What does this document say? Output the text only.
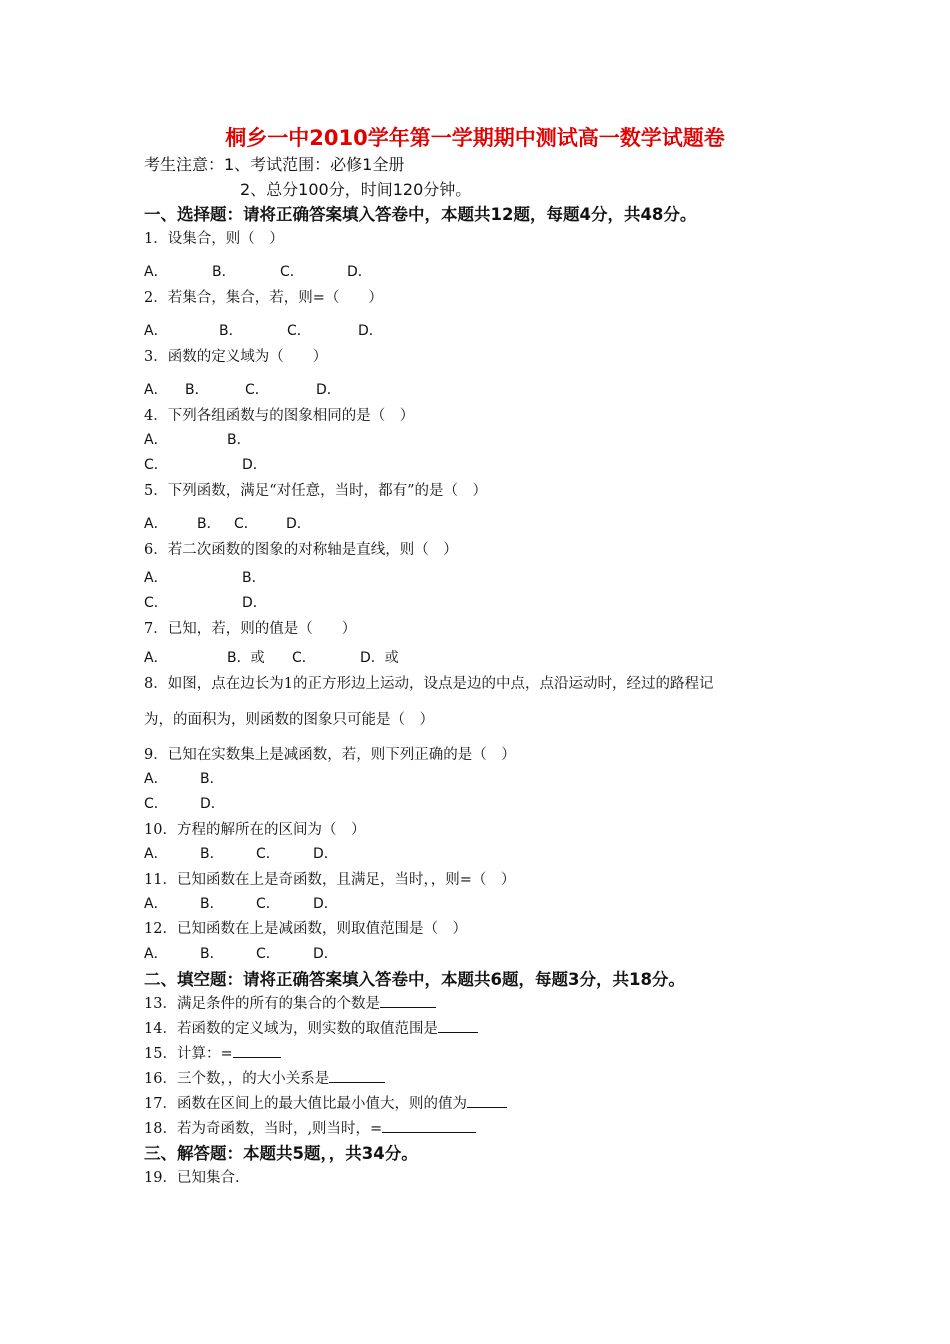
桐乡一中2010学年第一学期期中测试高一数学试题卷
考生注意：1、考试范围：必修1全册
2、总分100分，时间120分钟。
一、选择题：请将正确答案填入答卷中，本题共12题，每题4分，共48分。
1．设集合，则（　）
A．	B．	C．	D．
2．若集合，集合，若，则=（　　）
A．	B．	C．	D．
3．函数的定义域为（　　）
A． B．	C．	D．
4．下列各组函数与的图象相同的是（　）
A．	B．
C．	D．
5．下列函数，满足“对任意，当时，都有”的是（　）
A． B． C． D．
6．若二次函数的图象的对称轴是直线，则（　）
A．	B．
C．	D．
7．已知，若，则的值是（　　）
A．	B．或 C．	D．或
8．如图，点在边长为1的正方形边上运动，设点是边的中点，点沿运动时，经过的路程记
为，的面积为，则函数的图象只可能是（　）
9．已知在实数集上是减函数，若，则下列正确的是（　）
A． B．
C． D．
10．方程的解所在的区间为（　）
A． B． C． D．
11．已知函数在上是奇函数，且满足，当时，，则=（　）
A． B． C． D．
12．已知函数在上是减函数，则取值范围是（　）
A． B． C． D．
二、填空题：请将正确答案填入答卷中，本题共6题，每题3分，共18分。
13．满足条件的所有的集合的个数是
14．若函数的定义域为，则实数的取值范围是
15．计算：=
16．三个数，，的大小关系是
17．函数在区间上的最大值比最小值大，则的值为
18．若为奇函数，当时，,则当时，=
三、解答题：本题共5题，，共34分。
19．已知集合.
